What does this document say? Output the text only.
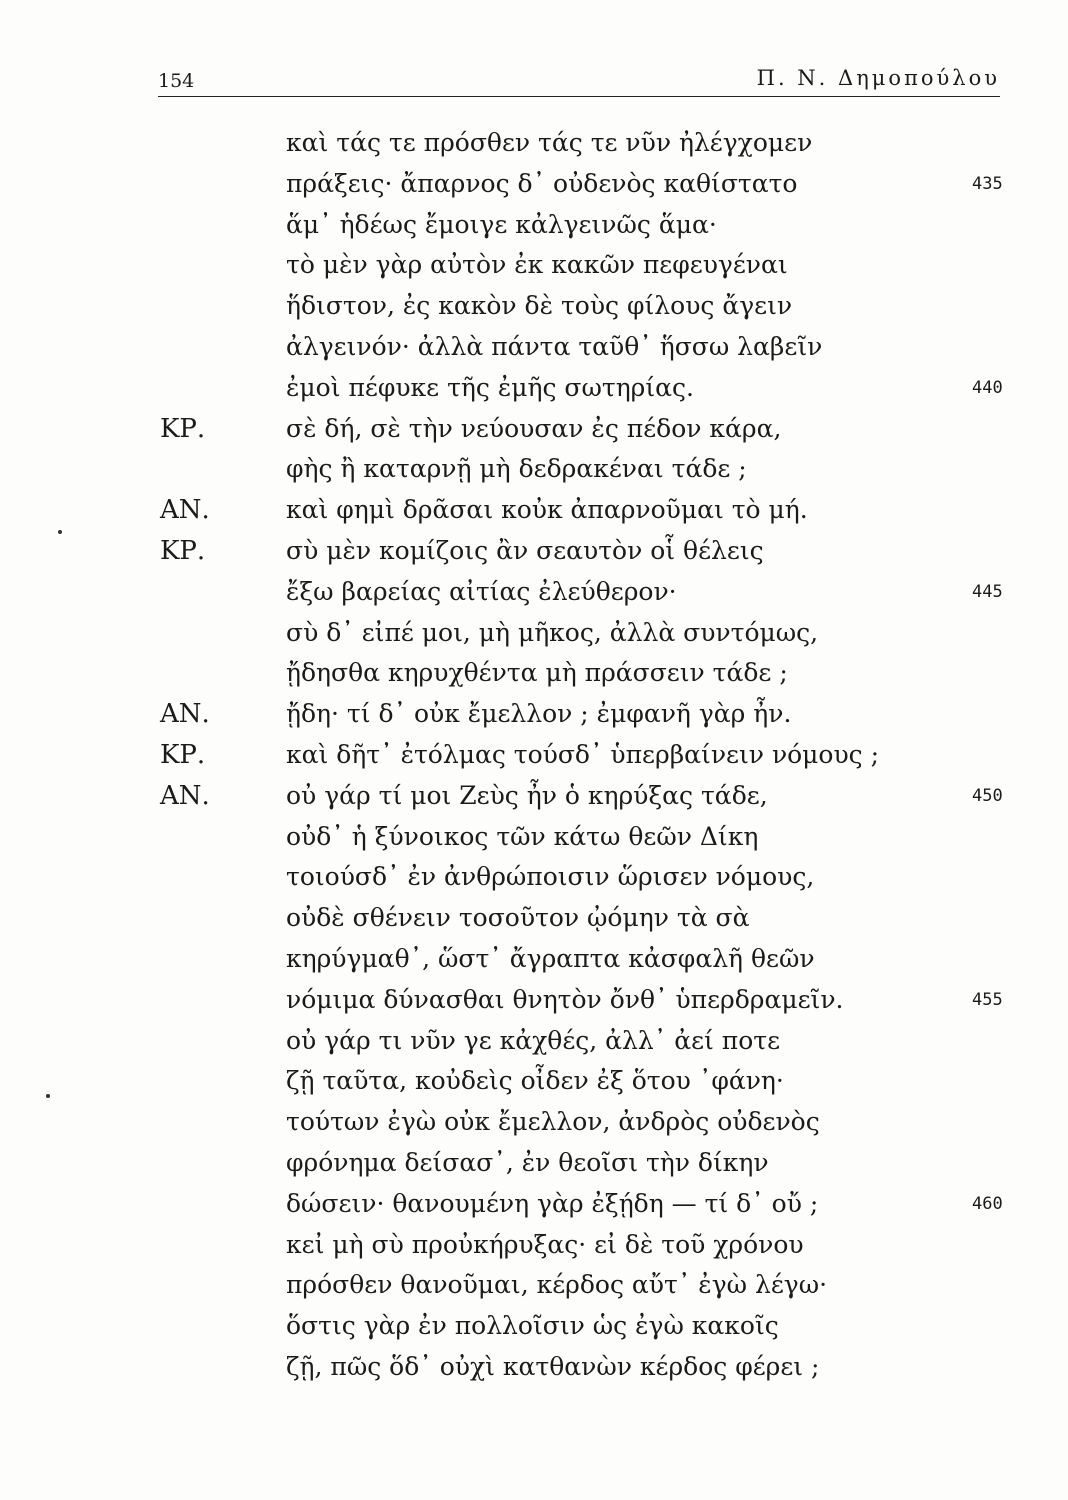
154	Π. Ν. Δημοπούλου
καὶ τάς τε πρόσθεν τάς τε νῦν ἠλέγχομεν
πράξεις· ἄπαρνος δ᾽ οὐδενὸς καθίστατο	435
ἅμ᾽ ἡδέως ἔμοιγε κἀλγεινῶς ἅμα·
τὸ μὲν γὰρ αὐτὸν ἐκ κακῶν πεφευγέναι
ἥδιστον, ἐς κακὸν δὲ τοὺς φίλους ἄγειν
ἀλγεινόν· ἀλλὰ πάντα ταῦθ᾽ ἥσσω λαβεῖν
ἐμοὶ πέφυκε τῆς ἐμῆς σωτηρίας.	440
ΚΡ.	σὲ δή, σὲ τὴν νεύουσαν ἐς πέδον κάρα,
φὴς ἢ καταρνῇ μὴ δεδρακέναι τάδε ;
ΑΝ.	καὶ φημὶ δρᾶσαι κοὐκ ἀπαρνοῦμαι τὸ μή.
ΚΡ.	σὺ μὲν κομίζοις ἂν σεαυτὸν οἷ θέλεις
ἔξω βαρείας αἰτίας ἐλεύθερον·	445
σὺ δ᾽ εἰπέ μοι, μὴ μῆκος, ἀλλὰ συντόμως,
ᾔδησθα κηρυχθέντα μὴ πράσσειν τάδε ;
ΑΝ.	ᾔδη· τί δ᾽ οὐκ ἔμελλον ; ἐμφανῆ γὰρ ἦν.
ΚΡ.	καὶ δῆτ᾽ ἐτόλμας τούσδ᾽ ὑπερβαίνειν νόμους ;
ΑΝ.	οὐ γάρ τί μοι Ζεὺς ἦν ὁ κηρύξας τάδε,	450
οὐδ᾽ ἡ ξύνοικος τῶν κάτω θεῶν Δίκη
τοιούσδ᾽ ἐν ἀνθρώποισιν ὥρισεν νόμους,
οὐδὲ σθένειν τοσοῦτον ᾠόμην τὰ σὰ
κηρύγμαθ᾽, ὥστ᾽ ἄγραπτα κἀσφαλῆ θεῶν
νόμιμα δύνασθαι θνητὸν ὄνθ᾽ ὑπερδραμεῖν.	455
οὐ γάρ τι νῦν γε κἀχθές, ἀλλ᾽ ἀεί ποτε
ζῇ ταῦτα, κοὐδεὶς οἶδεν ἐξ ὅτου ᾽φάνη·
τούτων ἐγὼ οὐκ ἔμελλον, ἀνδρὸς οὐδενὸς
φρόνημα δείσασ᾽, ἐν θεοῖσι τὴν δίκην
δώσειν· θανουμένη γὰρ ἐξῄδη — τί δ᾽ οὔ ;	460
κεἰ μὴ σὺ προὐκήρυξας· εἰ δὲ τοῦ χρόνου
πρόσθεν θανοῦμαι, κέρδος αὔτ᾽ ἐγὼ λέγω·
ὅστις γὰρ ἐν πολλοῖσιν ὡς ἐγὼ κακοῖς
ζῇ, πῶς ὅδ᾽ οὐχὶ κατθανὼν κέρδος φέρει ;
